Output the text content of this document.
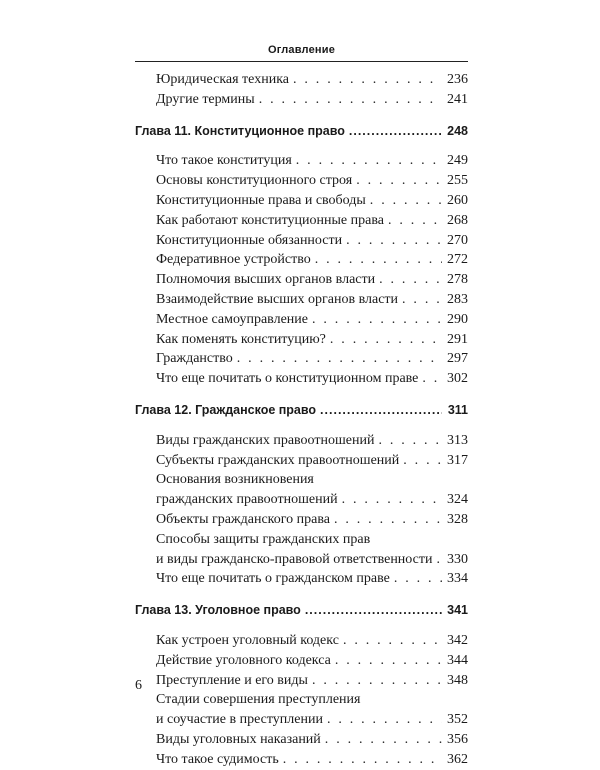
Оглавление
Юридическая техника . . .	236
Другие термины . . .	241
Глава 11. Конституционное право .....	248
Что такое конституция . . .	249
Основы конституционного строя . . .	255
Конституционные права и свободы . . .	260
Как работают конституционные права . . .	268
Конституционные обязанности . . .	270
Федеративное устройство . . .	272
Полномочия высших органов власти . . .	278
Взаимодействие высших органов власти . . .	283
Местное самоуправление . . .	290
Как поменять конституцию? . . .	291
Гражданство . . .	297
Что еще почитать о конституционном праве . . . 302
Глава 12. Гражданское право .....	311
Виды гражданских правоотношений . . .	313
Субъекты гражданских правоотношений . . .	317
Основания возникновения
гражданских правоотношений . . .	324
Объекты гражданского права . . .	328
Способы защиты гражданских прав
и виды гражданско-правовой ответственности . . . 330
Что еще почитать о гражданском праве . . .	334
Глава 13. Уголовное право .....	341
Как устроен уголовный кодекс . . .	342
Действие уголовного кодекса . . .	344
Преступление и его виды . . .	348
Стадии совершения преступления
и соучастие в преступлении . . .	352
Виды уголовных наказаний . . .	356
Что такое судимость . . .	362
6
